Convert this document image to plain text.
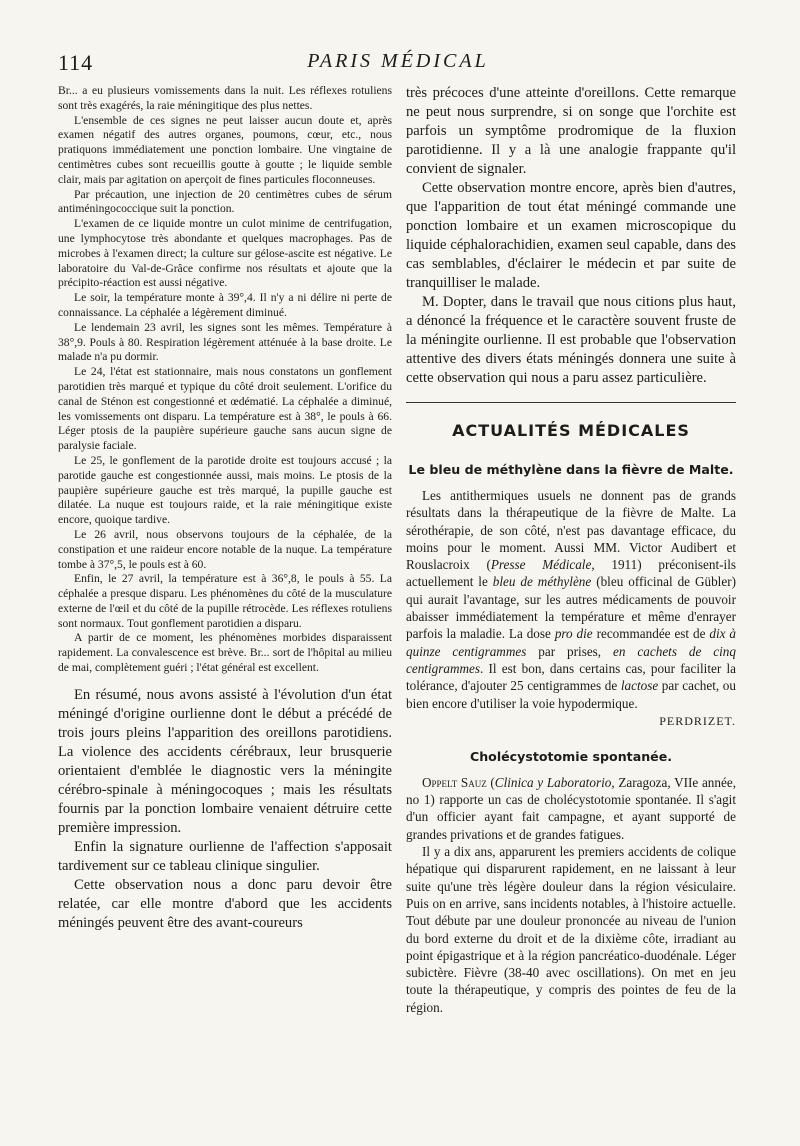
114	PARIS MÉDICAL

Br... a eu plusieurs vomissements dans la nuit. Les réflexes rotuliens sont très exagérés, la raie méningitique des plus nettes.

L'ensemble de ces signes ne peut laisser aucun doute et, après examen négatif des autres organes, poumons, cœur, etc., nous pratiquons immédiatement une ponction lombaire. Une vingtaine de centimètres cubes sont recueillis goutte à goutte ; le liquide semble clair, mais par agitation on aperçoit de fines particules floconneuses.

Par précaution, une injection de 20 centimètres cubes de sérum antiméningococcique suit la ponction.

L'examen de ce liquide montre un culot minime de centrifugation, une lymphocytose très abondante et quelques macrophages. Pas de microbes à l'examen direct; la culture sur gélose-ascite est négative. Le laboratoire du Val-de-Grâce confirme nos résultats et ajoute que la précipito-réaction est aussi négative.

Le soir, la température monte à 39°,4. Il n'y a ni délire ni perte de connaissance. La céphalée a légèrement diminué.

Le lendemain 23 avril, les signes sont les mêmes. Température à 38°,9. Pouls à 80. Respiration légèrement atténuée à la base droite. Le malade n'a pu dormir.

Le 24, l'état est stationnaire, mais nous constatons un gonflement parotidien très marqué et typique du côté droit seulement. L'orifice du canal de Sténon est congestionné et œdématié. La céphalée a diminué, les vomissements ont disparu. La température est à 38°, le pouls à 66. Léger ptosis de la paupière supérieure gauche sans aucun signe de paralysie faciale.

Le 25, le gonflement de la parotide droite est toujours accusé ; la parotide gauche est congestionnée aussi, mais moins. Le ptosis de la paupière supérieure gauche est très marqué, la pupille gauche est dilatée. La nuque est toujours raide, et la raie méningitique existe encore, quoique tardive.

Le 26 avril, nous observons toujours de la céphalée, de la constipation et une raideur encore notable de la nuque. La température tombe à 37°,5, le pouls est à 60.

Enfin, le 27 avril, la température est à 36°,8, le pouls à 55. La céphalée a presque disparu. Les phénomènes du côté de la musculature externe de l'œil et du côté de la pupille rétrocède. Les réflexes rotuliens sont normaux. Tout gonflement parotidien a disparu.

A partir de ce moment, les phénomènes morbides disparaissent rapidement. La convalescence est brève. Br... sort de l'hôpital au milieu de mai, complètement guéri ; l'état général est excellent.

En résumé, nous avons assisté à l'évolution d'un état méningé d'origine ourlienne dont le début a précédé de trois jours pleins l'apparition des oreillons parotidiens. La violence des accidents cérébraux, leur brusquerie orientaient d'emblée le diagnostic vers la méningite cérébro-spinale à méningocoques ; mais les résultats fournis par la ponction lombaire venaient détruire cette première impression.

Enfin la signature ourlienne de l'affection s'apposait tardivement sur ce tableau clinique singulier.

Cette observation nous a donc paru devoir être relatée, car elle montre d'abord que les accidents méningés peuvent être des avant-coureurs

très précoces d'une atteinte d'oreillons. Cette remarque ne peut nous surprendre, si on songe que l'orchite est parfois un symptôme prodromique de la fluxion parotidienne. Il y a là une analogie frappante qu'il convient de signaler.

Cette observation montre encore, après bien d'autres, que l'apparition de tout état méningé commande une ponction lombaire et un examen microscopique du liquide céphalorachidien, examen seul capable, dans des cas semblables, d'éclairer le médecin et par suite de tranquilliser le malade.

M. Dopter, dans le travail que nous citions plus haut, a dénoncé la fréquence et le caractère souvent fruste de la méningite ourlienne. Il est probable que l'observation attentive des divers états méningés donnera une suite à cette observation qui nous a paru assez particulière.

ACTUALITÉS MÉDICALES
Le bleu de méthylène dans la fièvre de Malte.

Les antithermiques usuels ne donnent pas de grands résultats dans la thérapeutique de la fièvre de Malte. La sérothérapie, de son côté, n'est pas davantage efficace, du moins pour le moment. Aussi MM. Victor Audibert et Rouslacroix (Presse Médicale, 1911) préconisent-ils actuellement le bleu de méthylène (bleu officinal de Gübler) qui aurait l'avantage, sur les autres médicaments de pouvoir abaisser immédiatement la température et même d'enrayer parfois la maladie. La dose pro die recommandée est de dix à quinze centigrammes par prises, en cachets de cinq centigrammes. Il est bon, dans certains cas, pour faciliter la tolérance, d'ajouter 25 centigrammes de lactose par cachet, ou bien encore d'utiliser la voie hypodermique.

PERDRIZET.
Cholécystotomie spontanée.

Oppelt Sauz (Clinica y Laboratorio, Zaragoza, VIIe année, no 1) rapporte un cas de cholécystotomie spontanée. Il s'agit d'un officier ayant fait campagne, et ayant supporté de grandes privations et de grandes fatigues.

Il y a dix ans, apparurent les premiers accidents de colique hépatique qui disparurent rapidement, en ne laissant à leur suite qu'une très légère douleur dans la région vésiculaire. Puis on en arrive, sans incidents notables, à l'histoire actuelle. Tout débute par une douleur prononcée au niveau de l'union du bord externe du droit et de la dixième côte, irradiant au point épigastrique et à la région pancréatico-duodénale. Léger subictère. Fièvre (38-40 avec oscillations). On met en jeu toute la thérapeutique, y compris des pointes de feu de la région.
